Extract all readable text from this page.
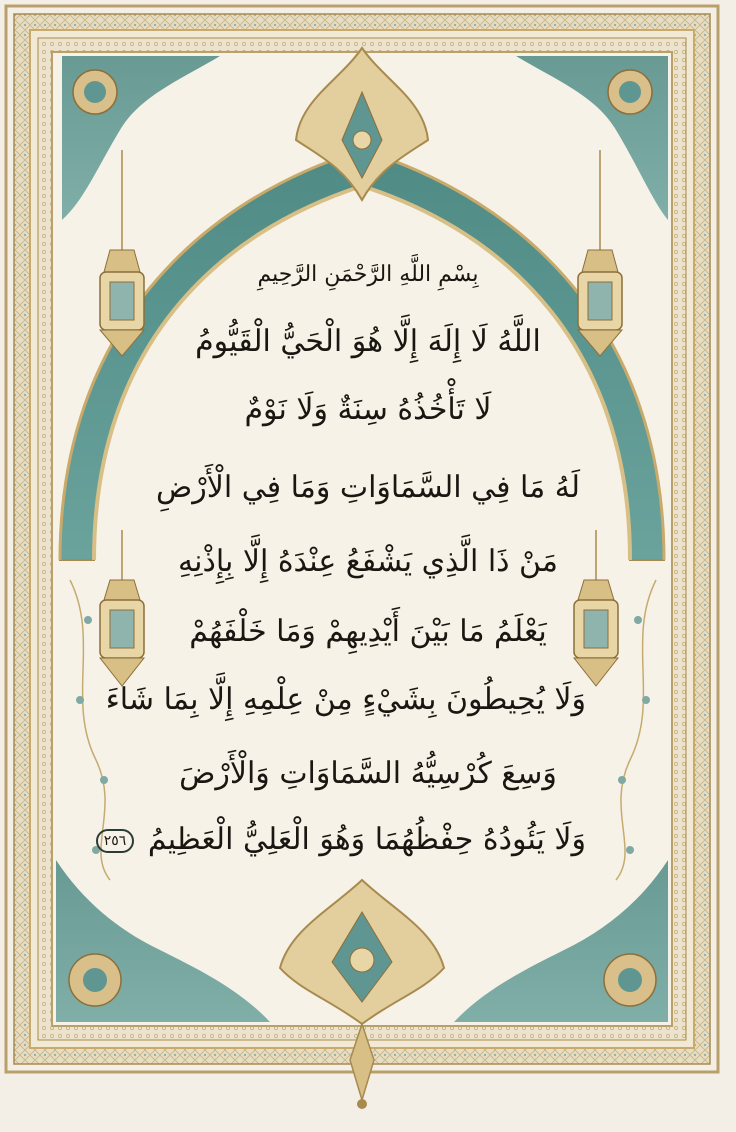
بِسْمِ اللَّهِ الرَّحْمَنِ الرَّحِيمِ
اللَّهُ لَا إِلَهَ إِلَّا هُوَ الْحَيُّ الْقَيُّومُ
لَا تَأْخُذُهُ سِنَةٌ وَلَا نَوْمٌ
لَهُ مَا فِي السَّمَاوَاتِ وَمَا فِي الْأَرْضِ
مَنْ ذَا الَّذِي يَشْفَعُ عِنْدَهُ إِلَّا بِإِذْنِهِ
يَعْلَمُ مَا بَيْنَ أَيْدِيهِمْ وَمَا خَلْفَهُمْ
وَلَا يُحِيطُونَ بِشَيْءٍ مِنْ عِلْمِهِ إِلَّا بِمَا شَاءَ
وَسِعَ كُرْسِيُّهُ السَّمَاوَاتِ وَالْأَرْضَ
وَلَا يَئُودُهُ حِفْظُهُمَا وَهُوَ الْعَلِيُّ الْعَظِيمُ ٢٥٦
